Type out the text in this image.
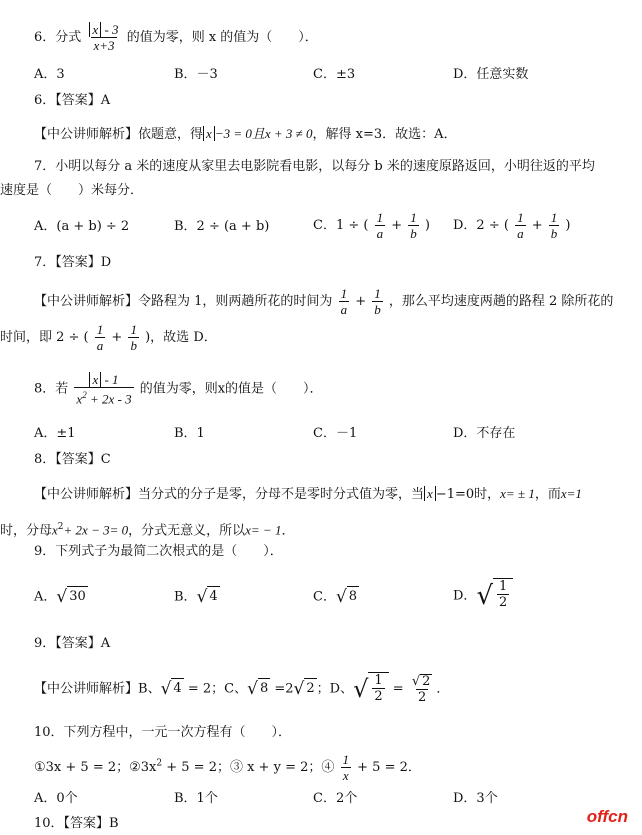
6．分式 $\frac{x - 3}{x+3}$ 的值为零，则 x 的值为（　　）．
A．3	B．－3	C．±3	D．任意实数
6．【答案】A
【中公讲师解析】依题意，得 x −3 = 0且x + 3 ≠ 0，解得 x=3．故选：A．
7．小明以每分 a 米的速度从家里去电影院看电影，以每分 b 米的速度原路返回，小明往返的平均
速度是（　　）米每分．
A．(a + b) ÷ 2	B．2 ÷ (a + b)	C．1 ÷ ( $\frac{1}{a} + \frac{1}{b}$ ) D．2 ÷ ( $\frac{1}{a} + \frac{1}{b}$ )
7．【答案】D
【中公讲师解析】令路程为 1，则两趟所花的时间为 $\frac{1}{a} + \frac{1}{b}$ ，那么平均速度两趟的路程 2 除所花的
时间，即 2 ÷ ( $\frac{1}{a} + \frac{1}{b}$ )，故选 D．
8．若 $\frac{x - 1}{x^2 + 2x - 3}$ 的值为零，则x的值是（　　）．
A．±1	B．1	C．－1	D．不存在
8．【答案】C
【中公讲师解析】当分式的分子是零，分母不是零时分式值为零，当 x −1=0时，x= ± 1，而x=1
时，分母$x^2+ 2x - 3= 0$，分式无意义，所以x= − 1．
9．下列式子为最简二次根式的是（　　）．
A． √ 30	B． √ 4	C． √ 8	D． √ $\frac{1}{2}$
9．【答案】A
【中公讲师解析】B、 √ 4 = 2；C、 √ 8 =2 √ 2 ；D、 √ $\frac{1}{2} = \frac{√ 2}{2}$ ．
10．下列方程中，一元一次方程有（　　）．
①3x + 5 = 2；$②3x^2 + 5 = 2$；③ x + y = 2；④ $\frac{1}{x} + 5 = 2$．
A．0个	B．1个	C．2个	D．3个
10．【答案】B	offcn
